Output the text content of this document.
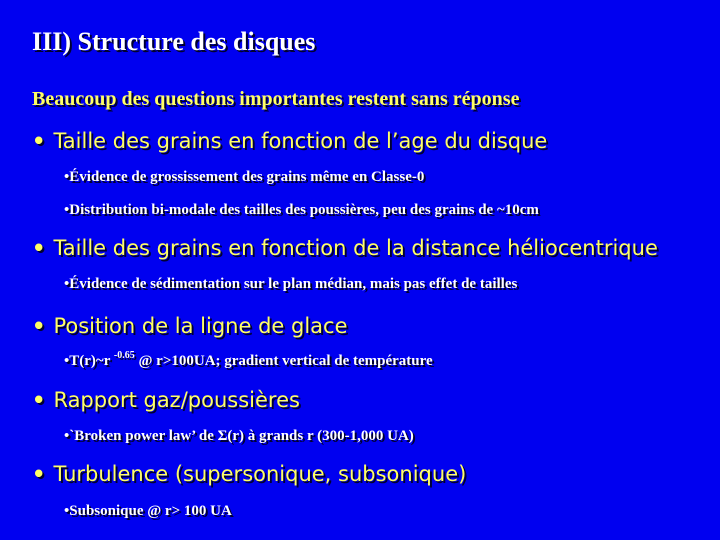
III) Structure des disques
Beaucoup des questions importantes restent sans réponse
• Taille des grains en fonction de l’age du disque
•Évidence de grossissement des grains même en Classe-0
•Distribution bi-modale des tailles des poussières, peu des grains de ~10cm
• Taille des grains en fonction de la distance héliocentrique
•Évidence de sédimentation sur le plan médian, mais pas effet de tailles
• Position de la ligne de glace
•T(r)~r $^{-0.65}$ @ r>100UA; gradient vertical de température
• Rapport gaz/poussières
•`Broken power law’ de Σ(r) à grands r (300-1,000 UA)
• Turbulence (supersonique, subsonique)
•Subsonique @ r> 100 UA
